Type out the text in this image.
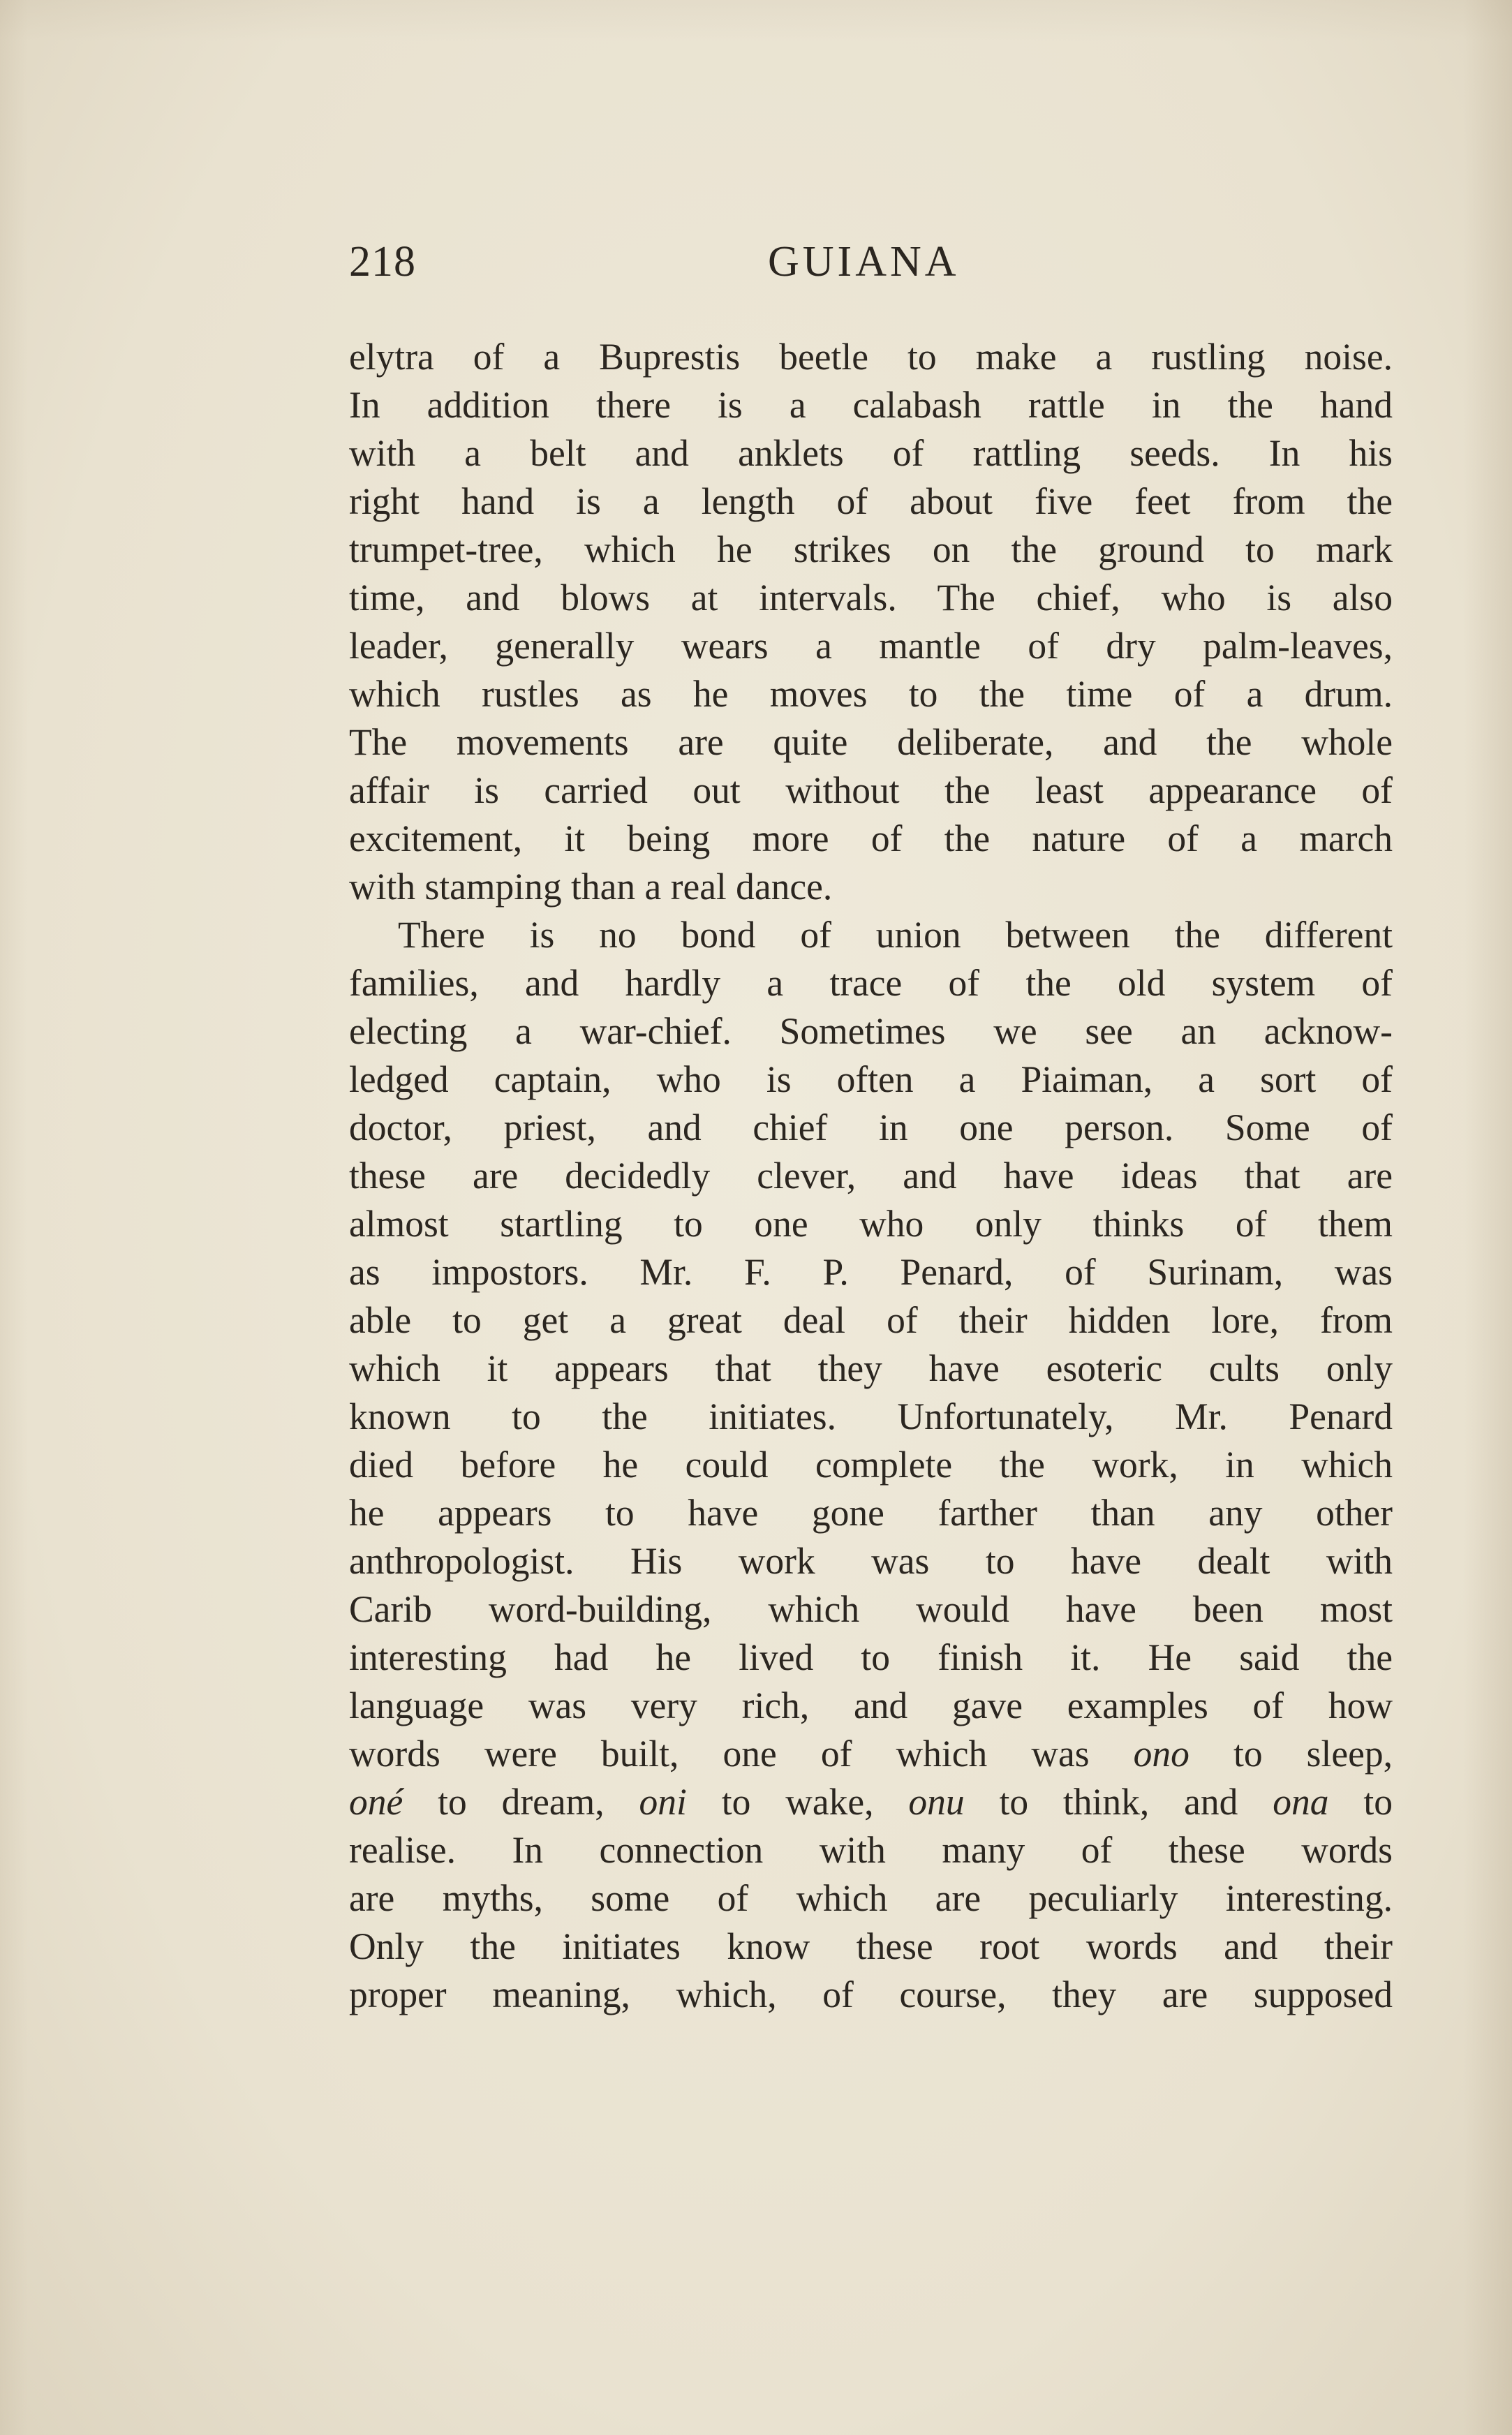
218	GUIANA
elytra of a Buprestis beetle to make a rustling noise.
In addition there is a calabash rattle in the hand
with a belt and anklets of rattling seeds. In his
right hand is a length of about five feet from the
trumpet-tree, which he strikes on the ground to mark
time, and blows at intervals. The chief, who is also
leader, generally wears a mantle of dry palm-leaves,
which rustles as he moves to the time of a drum.
The movements are quite deliberate, and the whole
affair is carried out without the least appearance of
excitement, it being more of the nature of a march
with stamping than a real dance.
There is no bond of union between the different
families, and hardly a trace of the old system of
electing a war-chief. Sometimes we see an acknow-
ledged captain, who is often a Piaiman, a sort of
doctor, priest, and chief in one person. Some of
these are decidedly clever, and have ideas that are
almost startling to one who only thinks of them
as impostors. Mr. F. P. Penard, of Surinam, was
able to get a great deal of their hidden lore, from
which it appears that they have esoteric cults only
known to the initiates. Unfortunately, Mr. Penard
died before he could complete the work, in which
he appears to have gone farther than any other
anthropologist. His work was to have dealt with
Carib word-building, which would have been most
interesting had he lived to finish it. He said the
language was very rich, and gave examples of how
words were built, one of which was ono to sleep,
oné to dream, oni to wake, onu to think, and ona to
realise. In connection with many of these words
are myths, some of which are peculiarly interesting.
Only the initiates know these root words and their
proper meaning, which, of course, they are supposed
